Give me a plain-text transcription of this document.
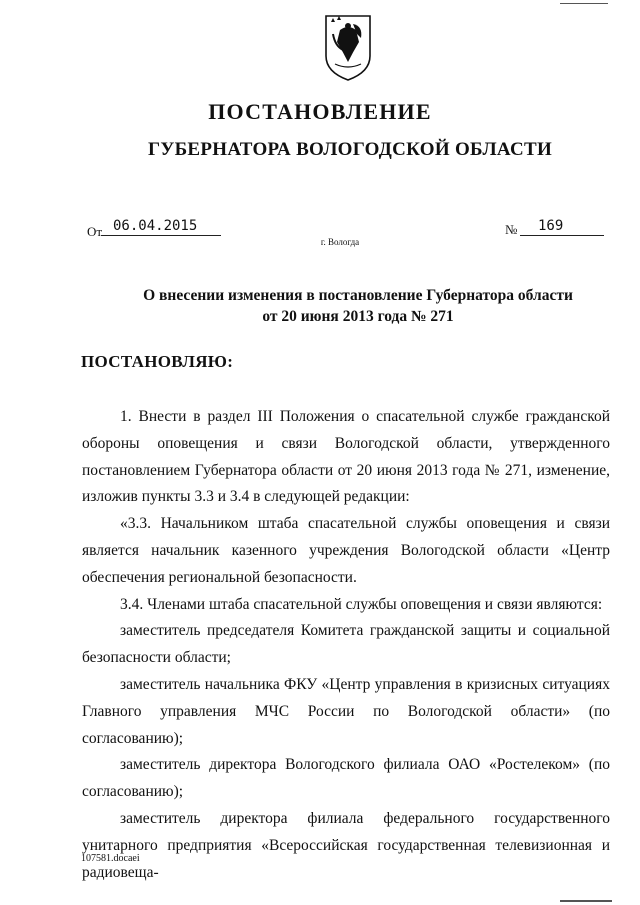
ПОСТАНОВЛЕНИЕ
ГУБЕРНАТОРА ВОЛОГОДСКОЙ ОБЛАСТИ
От 06.04.2015	№	169
г. Вологда
О внесении изменения в постановление Губернатора области
от 20 июня 2013 года № 271
ПОСТАНОВЛЯЮ:

1. Внести в раздел III Положения о спасательной службе гражданской обороны оповещения и связи Вологодской области, утвержденного постановлением Губернатора области от 20 июня 2013 года № 271, изменение, изложив пункты 3.3 и 3.4 в следующей редакции:

«3.3. Начальником штаба спасательной службы оповещения и связи является начальник казенного учреждения Вологодской области «Центр обеспечения региональной безопасности.

3.4. Членами штаба спасательной службы оповещения и связи являются:

заместитель председателя Комитета гражданской защиты и социальной безопасности области;

заместитель начальника ФКУ «Центр управления в кризисных ситуациях Главного управления МЧС России по Вологодской области» (по согласованию);

заместитель директора Вологодского филиала ОАО «Ростелеком» (по согласованию);

заместитель директора филиала федерального государственного унитарного предприятия «Всероссийская государственная телевизионная и радиовеща-

107581.docaei
